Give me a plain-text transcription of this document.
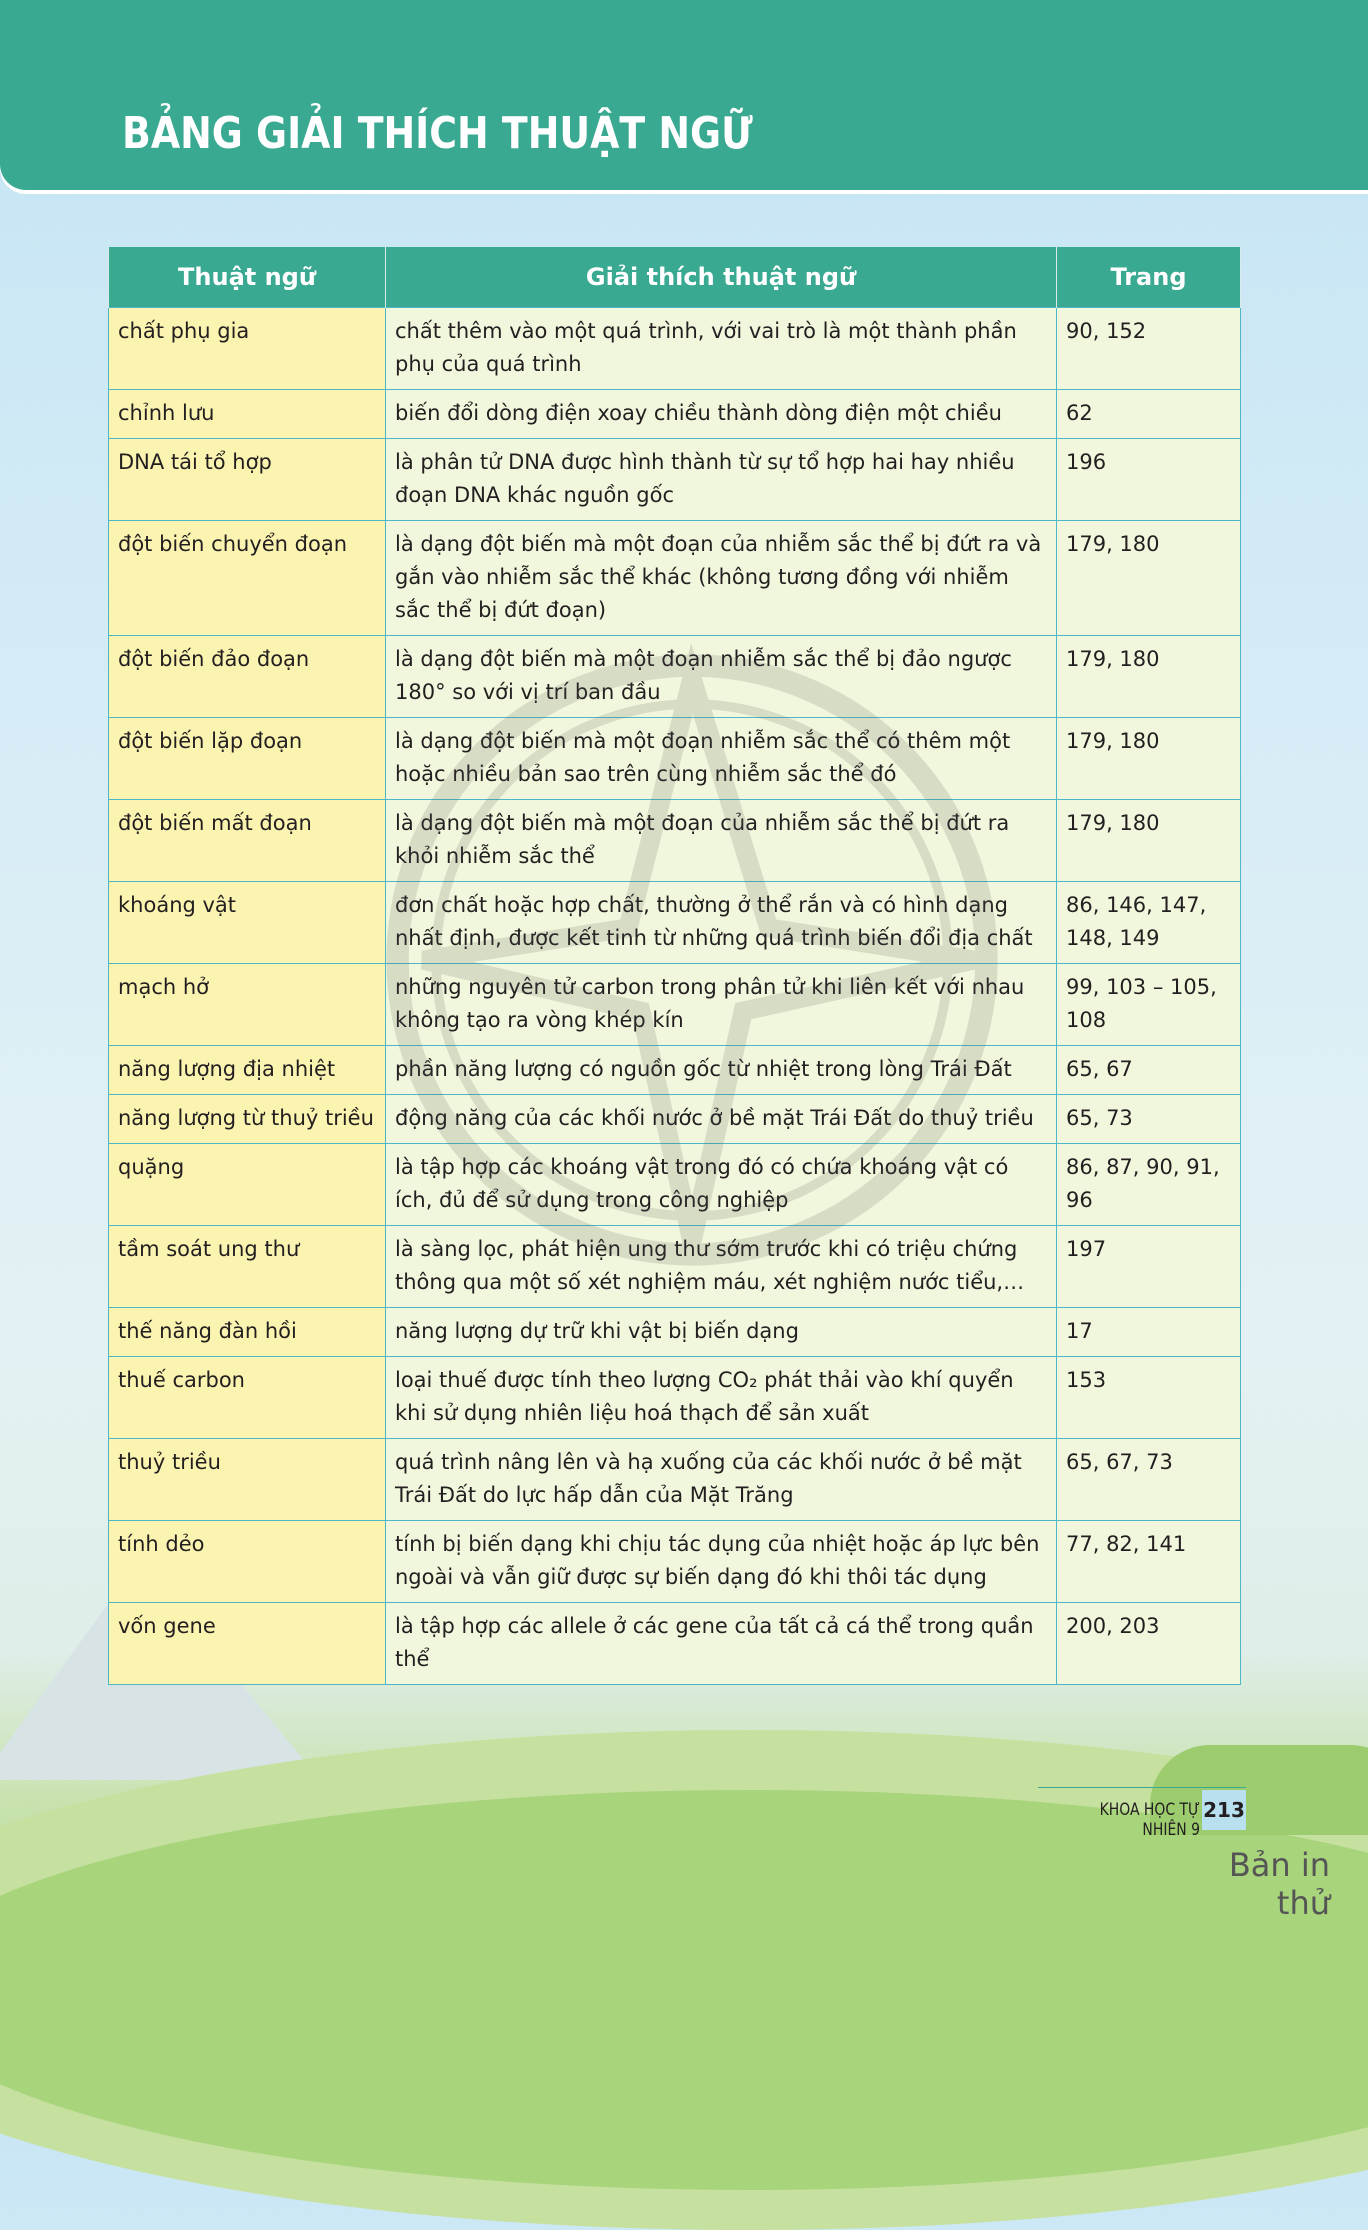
BẢNG GIẢI THÍCH THUẬT NGỮ
Thuật ngữ	Giải thích thuật ngữ	Trang
chất phụ gia	chất thêm vào một quá trình, với vai trò là một thành phần phụ của quá trình	90, 152
chỉnh lưu	biến đổi dòng điện xoay chiều thành dòng điện một chiều	62
DNA tái tổ hợp	là phân tử DNA được hình thành từ sự tổ hợp hai hay nhiều đoạn DNA khác nguồn gốc	196
đột biến chuyển đoạn	là dạng đột biến mà một đoạn của nhiễm sắc thể bị đứt ra và gắn vào nhiễm sắc thể khác (không tương đồng với nhiễm sắc thể bị đứt đoạn)	179, 180
đột biến đảo đoạn	là dạng đột biến mà một đoạn nhiễm sắc thể bị đảo ngược 180° so với vị trí ban đầu	179, 180
đột biến lặp đoạn	là dạng đột biến mà một đoạn nhiễm sắc thể có thêm một hoặc nhiều bản sao trên cùng nhiễm sắc thể đó	179, 180
đột biến mất đoạn	là dạng đột biến mà một đoạn của nhiễm sắc thể bị đứt ra khỏi nhiễm sắc thể	179, 180
khoáng vật	đơn chất hoặc hợp chất, thường ở thể rắn và có hình dạng nhất định, được kết tinh từ những quá trình biến đổi địa chất	86, 146, 147, 148, 149
mạch hở	những nguyên tử carbon trong phân tử khi liên kết với nhau không tạo ra vòng khép kín	99, 103 – 105, 108
năng lượng địa nhiệt	phần năng lượng có nguồn gốc từ nhiệt trong lòng Trái Đất	65, 67
năng lượng từ thuỷ triều	động năng của các khối nước ở bề mặt Trái Đất do thuỷ triều	65, 73
quặng	là tập hợp các khoáng vật trong đó có chứa khoáng vật có ích, đủ để sử dụng trong công nghiệp	86, 87, 90, 91, 96
tầm soát ung thư	là sàng lọc, phát hiện ung thư sớm trước khi có triệu chứng thông qua một số xét nghiệm máu, xét nghiệm nước tiểu,…	197
thế năng đàn hồi	năng lượng dự trữ khi vật bị biến dạng	17
thuế carbon	loại thuế được tính theo lượng CO₂ phát thải vào khí quyển khi sử dụng nhiên liệu hoá thạch để sản xuất	153
thuỷ triều	quá trình nâng lên và hạ xuống của các khối nước ở bề mặt Trái Đất do lực hấp dẫn của Mặt Trăng	65, 67, 73
tính dẻo	tính bị biến dạng khi chịu tác dụng của nhiệt hoặc áp lực bên ngoài và vẫn giữ được sự biến dạng đó khi thôi tác dụng	77, 82, 141
vốn gene	là tập hợp các allele ở các gene của tất cả cá thể trong quần thể	200, 203
KHOA HỌC TỰ NHIÊN 9
213
Bản in thử
